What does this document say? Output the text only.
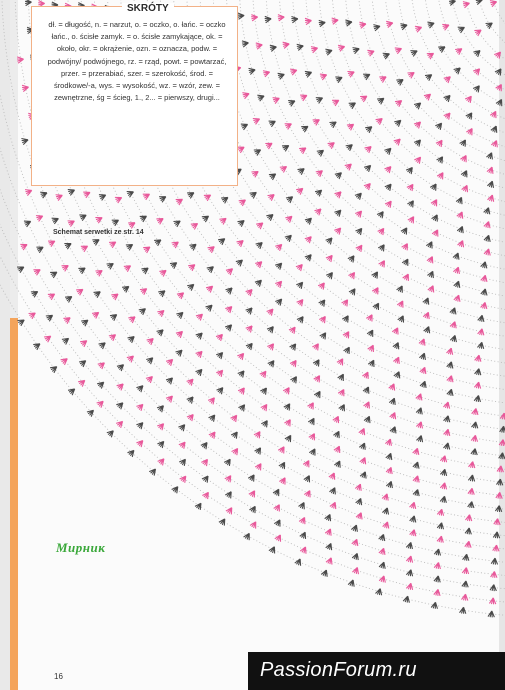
SKRÓTY
dł. = długość, n. = narzut, o. = oczko, o. łańc. = oczko łańc., o. ścisłe zamyk. = o. ścisłe zamykające, ok. = około, okr. = okrążenie, ozn. = oznacza, podw. = podwójny/ podwójnego, rz. = rząd, powt. = powtarzać, przer. = przerabiać, szer. = szerokość, środ. = środkowe/-a, wys. = wysokość, wz. = wzór, zew. = zewnętrzne, śg = ścieg, 1., 2... = pierwszy, drugi...
Schemat serwetki ze str. 14
Мирник
16	PassionForum.ru
